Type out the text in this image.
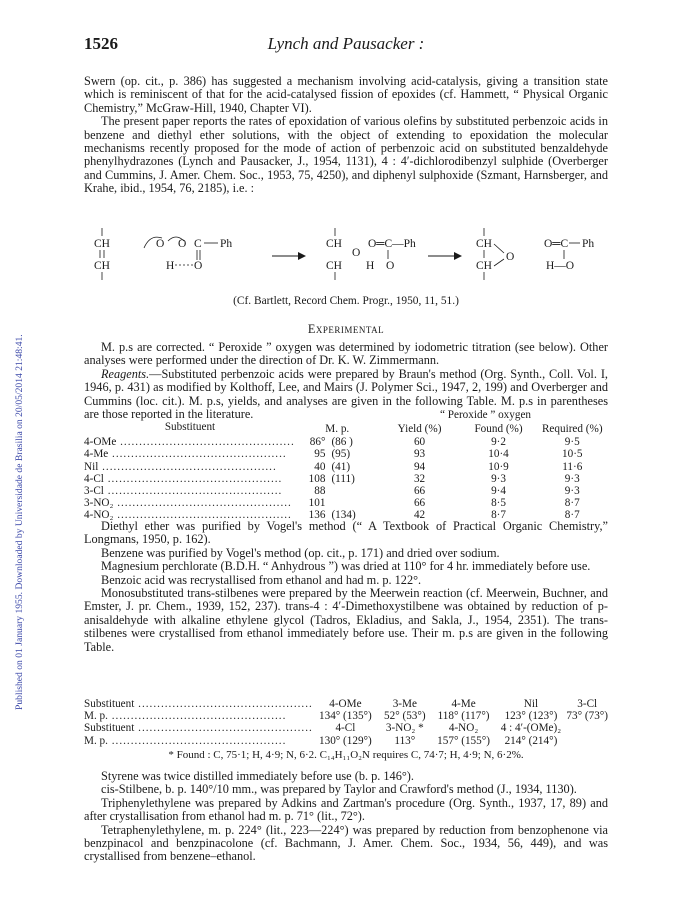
Published on 01 January 1955. Downloaded by Universidade de Brasilia on 20/05/2014 21:48:41.
1526	Lynch and Pausacker :

Swern (op. cit., p. 386) has suggested a mechanism involving acid-catalysis, giving a transition state which is reminiscent of that for the acid-catalysed fission of epoxides (cf. Hammett, “ Physical Organic Chemistry,” McGraw-Hill, 1940, Chapter VI).

The present paper reports the rates of epoxidation of various olefins by substituted perbenzoic acids in benzene and diethyl ether solutions, with the object of extending to epoxidation the molecular mechanisms recently proposed for the mode of action of perbenzoic acid on substituted benzaldehyde phenylhydrazones (Lynch and Pausacker, J., 1954, 1131), 4 : 4′-dichlorodibenzyl sulphide (Overberger and Cummins, J. Amer. Chem. Soc., 1953, 75, 4250), and diphenyl sulphoxide (Szmant, Harnsberger, and Krahe, ibid., 1954, 76, 2185), i.e. :

CH
CH
O O C Ph
H O
CH
O
O═C—Ph
CH H O
CH
CH
O
O═C Ph
H—O
(Cf. Bartlett, Record Chem. Progr., 1950, 11, 51.)

Experimental

M. p.s are corrected. “ Peroxide ” oxygen was determined by iodometric titration (see below). Other analyses were performed under the direction of Dr. K. W. Zimmermann.

Reagents.—Substituted perbenzoic acids were prepared by Braun's method (Org. Synth., Coll. Vol. I, 1946, p. 431) as modified by Kolthoff, Lee, and Mairs (J. Polymer Sci., 1947, 2, 199) and Overberger and Cummins (loc. cit.). M. p.s, yields, and analyses are given in the following Table. M. p.s in parentheses are those reported in the literature.	“ Peroxide ” oxygen
Substituent	M. p.		Yield (%)	Found (%)	Required (%)
4-OMe .....	86°	(86 )	60	9·2	9·5
4-Me .....	95	(95)	93	10·4	10·5
Nil .....	40	(41)	94	10·9	11·6
4-Cl .....	108	(111)	32	9·3	9·3
3-Cl .....	88		66	9·4	9·3
3-NO₂ .....	101		66	8·5	8·7
4-NO₂ .....	136	(134)	42	8·7	8·7

Diethyl ether was purified by Vogel's method (“ A Textbook of Practical Organic Chemistry,” Longmans, 1950, p. 162).

Benzene was purified by Vogel's method (op. cit., p. 171) and dried over sodium.

Magnesium perchlorate (B.D.H. “ Anhydrous ”) was dried at 110° for 4 hr. immediately before use.

Benzoic acid was recrystallised from ethanol and had m. p. 122°.

Monosubstituted trans-stilbenes were prepared by the Meerwein reaction (cf. Meerwein, Buchner, and Emster, J. pr. Chem., 1939, 152, 237). trans-4 : 4′-Dimethoxystilbene was obtained by reduction of p-anisaldehyde with alkaline ethylene glycol (Tadros, Ekladius, and Sakla, J., 1954, 2351). The trans-stilbenes were crystallised from ethanol immediately before use. Their m. p.s are given in the following Table.

Substituent .....	4-OMe	3-Me	4-Me	Nil	3-Cl
M. p. .....	134° (135°)	52° (53°)	118° (117°)	123° (123°)	73° (73°)
Substituent .....	4-Cl	3-NO₂ *	4-NO₂	4 : 4′-(OMe)₂	
M. p. .....	130° (129°)	113°	157° (155°)	214° (214°)	
* Found : C, 75·1; H, 4·9; N, 6·2. C₁₄H₁₁O₂N requires C, 74·7; H, 4·9; N, 6·2%.

Styrene was twice distilled immediately before use (b. p. 146°).

cis-Stilbene, b. p. 140°/10 mm., was prepared by Taylor and Crawford's method (J., 1934, 1130).

Triphenylethylene was prepared by Adkins and Zartman's procedure (Org. Synth., 1937, 17, 89) and after crystallisation from ethanol had m. p. 71° (lit., 72°).

Tetraphenylethylene, m. p. 224° (lit., 223—224°) was prepared by reduction from benzophenone via benzpinacol and benzpinacolone (cf. Bachmann, J. Amer. Chem. Soc., 1934, 56, 449), and was crystallised from benzene–ethanol.
